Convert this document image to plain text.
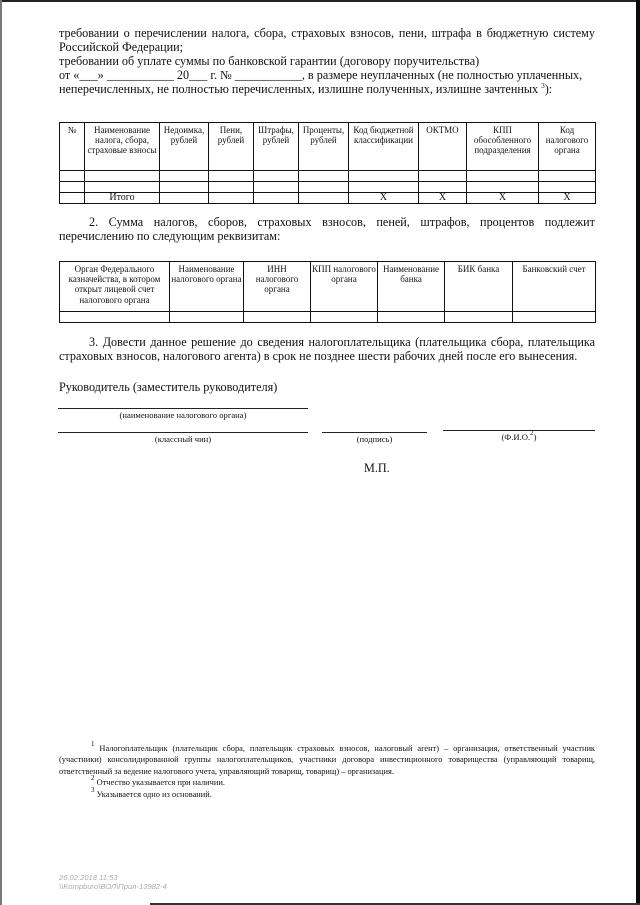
требовании о перечислении налога, сбора, страховых взносов, пени, штрафа в бюджетную систему Российской Федерации;
требовании об уплате суммы по банковской гарантии (договору поручительства)
от «___» ___________ 20___ г. № ___________, в размере неуплаченных (не полностью уплаченных,
неперечисленных, не полностью перечисленных, излишне полученных, излишне зачтенных $^3$):
№	Наименование налога, сбора, страховые взносы	Недоимка, рублей	Пени, рублей	Штрафы, рублей	Проценты, рублей	Код бюджетной классификации	ОКТМО	КПП обособленного подразделения	Код налогового органа

	Итого					X	X	X	X
2. Сумма налогов, сборов, страховых взносов, пеней, штрафов, процентов подлежит перечислению по следующим реквизитам:
Орган Федерального казначейства, в котором открыт лицевой счет налогового органа	Наименование налогового органа	ИНН налогового органа	КПП налогового органа	Наименование банка	БИК банка	Банковский счет

3. Довести данное решение до сведения налогоплательщика (плательщика сбора, плательщика страховых взносов, налогового агента) в срок не позднее шести рабочих дней после его вынесения.
Руководитель (заместитель руководителя)
(наименование налогового органа)
(классный чин)	(подпись)	(Ф.И.О.$^2$)
М.П.
$^1$ Налогоплательщик (плательщик сбора, плательщик страховых взносов, налоговый агент) – организация, ответственный участник (участники) консолидированной группы налогоплательщиков, участники договора инвестиционного товарищества (управляющий товарищ, ответственный за ведение налогового учета, управляющий товарищ, товарищ) – организация.
$^2$ Отчество указывается при наличии.
$^3$ Указывается одно из оснований.
26.02.2018 11:53
\\Kompburo\ВОЛ\Прил-13982-4
